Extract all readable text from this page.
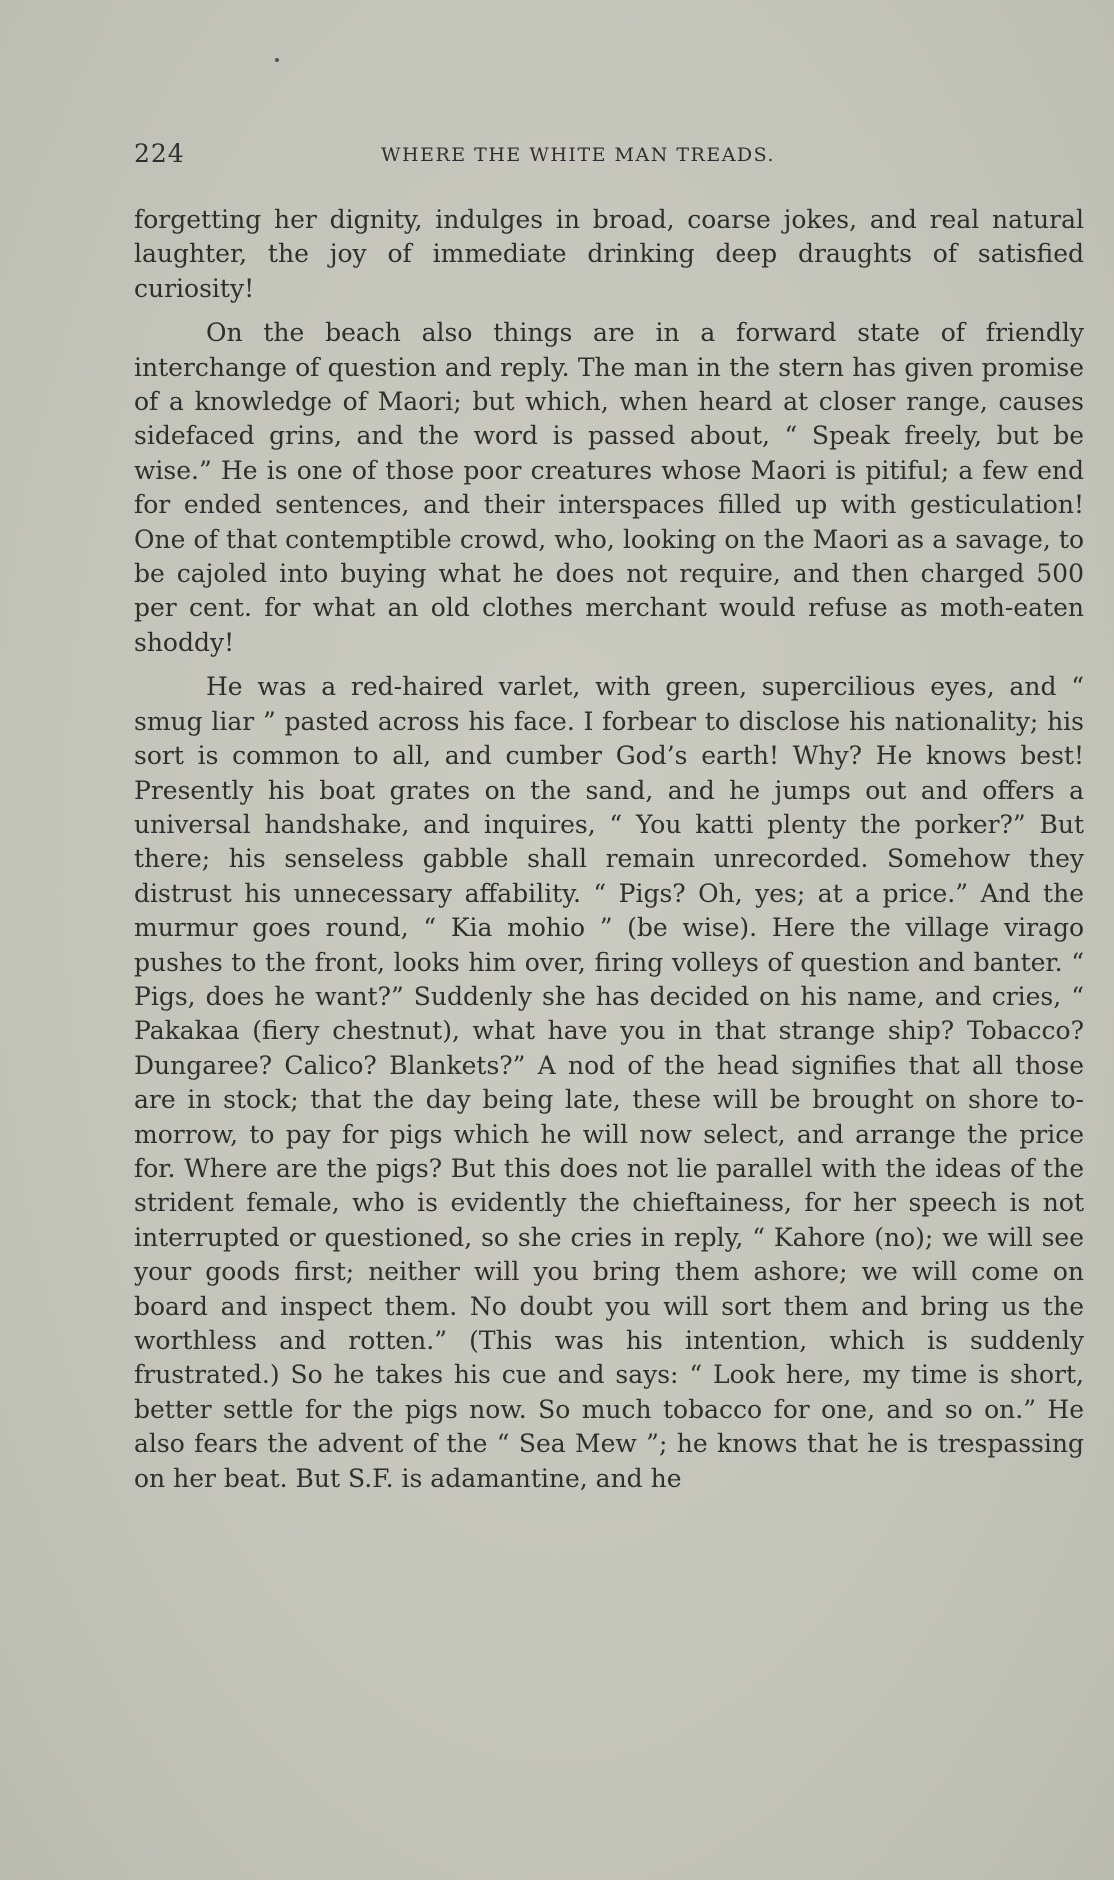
224	WHERE THE WHITE MAN TREADS.

forgetting her dignity, indulges in broad, coarse jokes, and real natural laughter, the joy of immediate drinking deep draughts of satisfied curiosity!

On the beach also things are in a forward state of friendly interchange of question and reply. The man in the stern has given promise of a knowledge of Maori; but which, when heard at closer range, causes sidefaced grins, and the word is passed about, “ Speak freely, but be wise.” He is one of those poor creatures whose Maori is pitiful; a few end for ended sentences, and their interspaces filled up with gesticulation! One of that contemptible crowd, who, looking on the Maori as a savage, to be cajoled into buying what he does not require, and then charged 500 per cent. for what an old clothes merchant would refuse as moth-eaten shoddy!

He was a red-haired varlet, with green, supercilious eyes, and “ smug liar ” pasted across his face. I forbear to disclose his nationality; his sort is common to all, and cumber God’s earth! Why? He knows best! Presently his boat grates on the sand, and he jumps out and offers a universal handshake, and inquires, “ You katti plenty the porker?” But there; his senseless gabble shall remain unrecorded. Somehow they distrust his unnecessary affability. “ Pigs? Oh, yes; at a price.” And the murmur goes round, “ Kia mohio ” (be wise). Here the village virago pushes to the front, looks him over, firing volleys of question and banter. “ Pigs, does he want?” Suddenly she has decided on his name, and cries, “ Pakakaa (fiery chestnut), what have you in that strange ship? Tobacco? Dungaree? Calico? Blankets?” A nod of the head signifies that all those are in stock; that the day being late, these will be brought on shore to-morrow, to pay for pigs which he will now select, and arrange the price for. Where are the pigs? But this does not lie parallel with the ideas of the strident female, who is evidently the chieftainess, for her speech is not interrupted or questioned, so she cries in reply, “ Kahore (no); we will see your goods first; neither will you bring them ashore; we will come on board and inspect them. No doubt you will sort them and bring us the worthless and rotten.” (This was his intention, which is suddenly frustrated.) So he takes his cue and says: “ Look here, my time is short, better settle for the pigs now. So much tobacco for one, and so on.” He also fears the advent of the “ Sea Mew ”; he knows that he is trespassing on her beat. But S.F. is adamantine, and he
